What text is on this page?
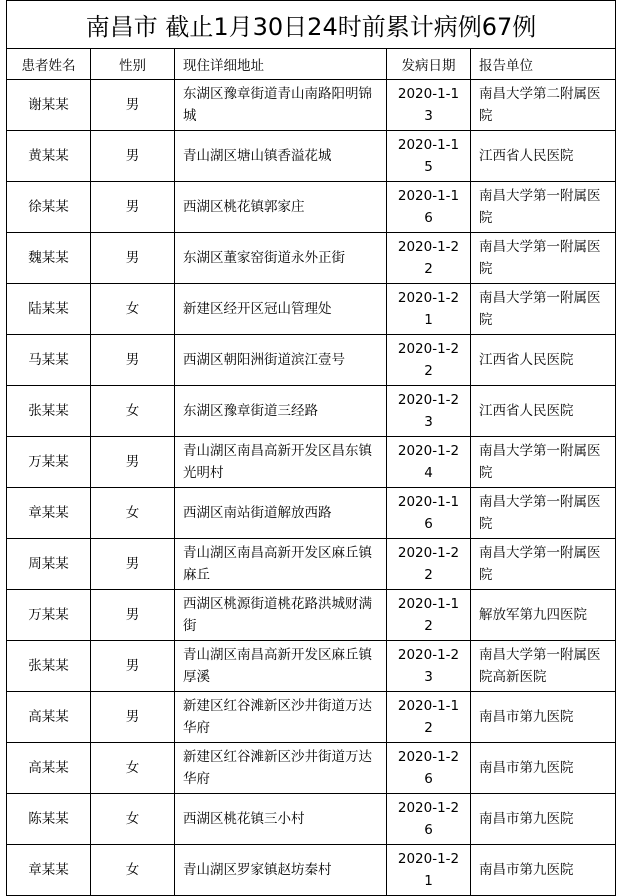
南昌市 截止1月30日24时前累计病例67例				
患者姓名	性别	现住详细地址	发病日期	报告单位
谢某某	男	东湖区豫章街道青山南路阳明锦城	2020-1-13	南昌大学第二附属医院
黄某某	男	青山湖区塘山镇香溢花城	2020-1-15	江西省人民医院
徐某某	男	西湖区桃花镇郭家庄	2020-1-16	南昌大学第一附属医院
魏某某	男	东湖区董家窑街道永外正街	2020-1-22	南昌大学第一附属医院
陆某某	女	新建区经开区冠山管理处	2020-1-21	南昌大学第一附属医院
马某某	男	西湖区朝阳洲街道滨江壹号	2020-1-22	江西省人民医院
张某某	女	东湖区豫章街道三经路	2020-1-23	江西省人民医院
万某某	男	青山湖区南昌高新开发区昌东镇光明村	2020-1-24	南昌大学第一附属医院
章某某	女	西湖区南站街道解放西路	2020-1-16	南昌大学第一附属医院
周某某	男	青山湖区南昌高新开发区麻丘镇麻丘	2020-1-22	南昌大学第一附属医院
万某某	男	西湖区桃源街道桃花路洪城财满街	2020-1-12	解放军第九四医院
张某某	男	青山湖区南昌高新开发区麻丘镇厚溪	2020-1-23	南昌大学第一附属医院高新医院
高某某	男	新建区红谷滩新区沙井街道万达华府	2020-1-12	南昌市第九医院
高某某	女	新建区红谷滩新区沙井街道万达华府	2020-1-26	南昌市第九医院
陈某某	女	西湖区桃花镇三小村	2020-1-26	南昌市第九医院
章某某	女	青山湖区罗家镇赵坊秦村	2020-1-21	南昌市第九医院
